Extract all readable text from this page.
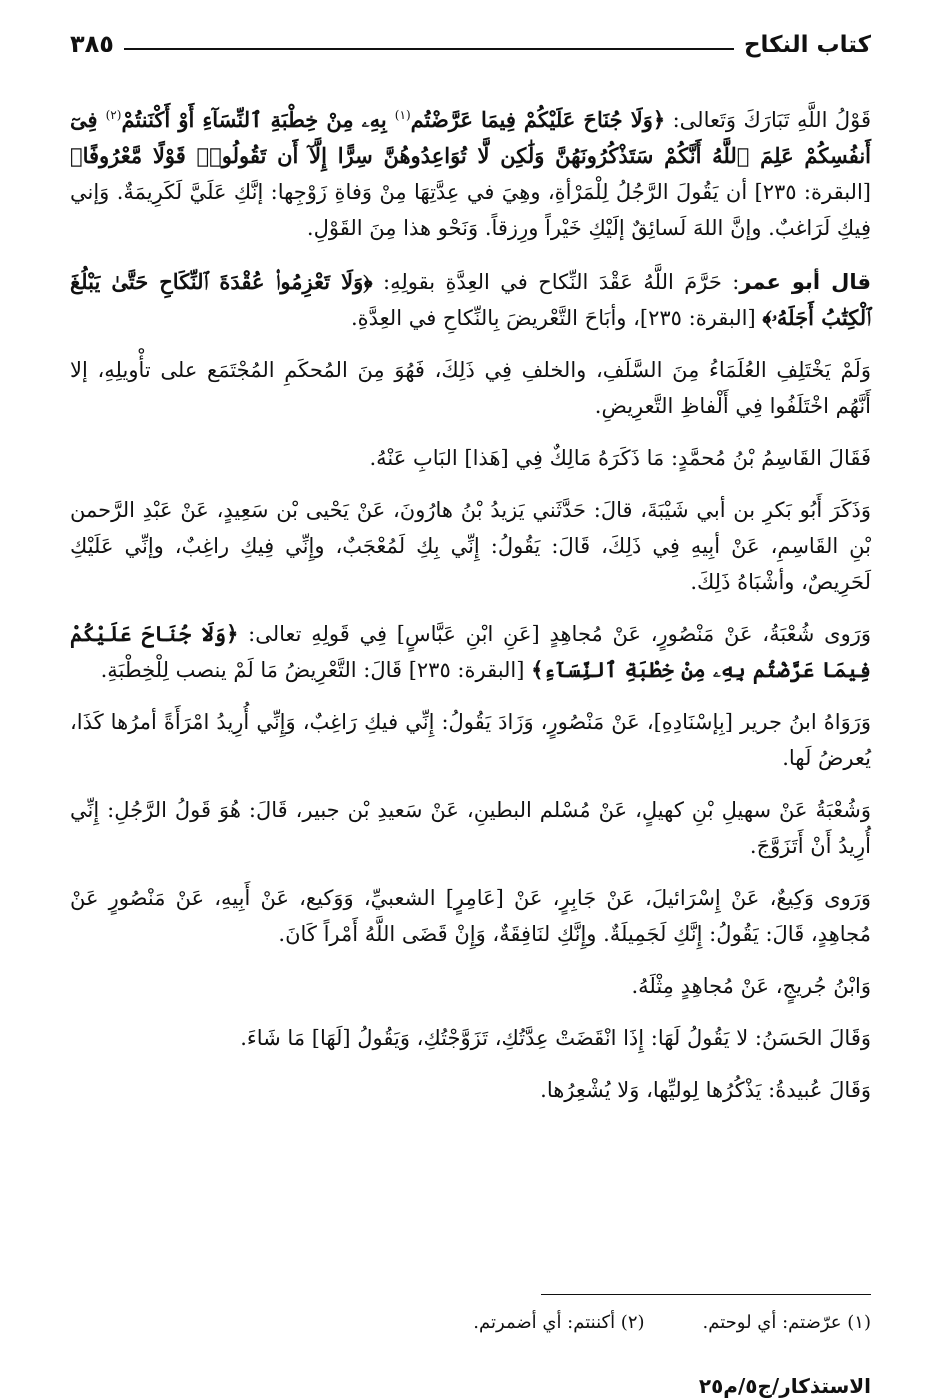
كتاب النكاح
٣٨٥

قَوْلُ اللَّهِ تَبَارَكَ وَتَعالى: ﴿وَلَا جُنَاحَ عَلَيْكُمْ فِيمَا عَرَّضْتُم$^{(١)}$ بِهِۦ مِنْ خِطْبَةِ ٱلنِّسَآءِ أَوْ أَكْنَنتُمْ$^{(٢)}$ فِىٓ أَنفُسِكُمْ عَلِمَ ٱللَّهُ أَنَّكُمْ سَتَذْكُرُونَهُنَّ وَلَٰكِن لَّا تُوَاعِدُوهُنَّ سِرًّا إِلَّآ أَن تَقُولُوا۟ قَوْلًا مَّعْرُوفًا﴾ [البقرة: ٢٣٥] أن يَقُولَ الرَّجُلُ لِلْمَرْأةِ، وهِيَ في عِدَّتِهَا مِنْ وَفاةِ زَوْجِها: إنَّكِ عَلَيَّ لَكَرِيمَةٌ. وَإني فِيكِ لَرَاغبٌ. وإنَّ اللهَ لَسائِقٌ إلَيْكِ خَيْراً ورِزقاً. وَنَحْو هذا مِنَ القَوْلِ.

قال أبو عمر: حَرَّمَ اللَّهُ عَقْدَ النِّكاح في العِدَّةِ بقولِهِ: ﴿وَلَا تَعْزِمُوا۟ عُقْدَةَ ٱلنِّكَاحِ حَتَّىٰ يَبْلُغَ ٱلْكِتَٰبُ أَجَلَهُۥ﴾ [البقرة: ٢٣٥]، وأبَاحَ التَّعْريضَ بِالنِّكاحِ في العِدَّةِ.

وَلَمْ يَخْتَلِفِ العُلَمَاءُ مِنَ السَّلَفِ، والخلفِ فِي ذَلِكَ، فَهُوَ مِنَ المُحكَمِ المُجْتَمَع على تأْويلِهِ، إلا أَنَّهُم اخْتَلَفُوا فِي أَلْفاظِ التَّعرِيضِ.

فَقَالَ القَاسِمُ بْنُ مُحمَّدٍ: مَا ذَكَرَهُ مَالِكٌ فِي [هَذا] البَابِ عَنْهُ.

وَذَكَرَ أَبُو بَكرِ بن أبي شَيْبَةَ، قالَ: حَدَّثَني يَزيدُ بْنُ هارُونَ، عَنْ يَحْيى بْن سَعِيدٍ، عَنْ عَبْدِ الرَّحمن بْنِ القَاسِمِ، عَنْ أبِيهِ فِي ذَلِكَ، قَالَ: يَقُولُ: إِنِّي بِكِ لَمُعْجَبٌ، وإِنِّي فِيكِ راغِبٌ، وإنِّي عَلَيْكِ لَحَرِيصٌ، وأشْبَاهُ ذَلِكَ.

وَرَوى شُعْبَةُ، عَنْ مَنْصُورٍ، عَنْ مُجاهِدٍ [عَنِ ابْنِ عَبَّاسٍ] فِي قَولِهِ تعالى: ﴿وَلَا جُنَاحَ عَلَيْكُمْ فِيمَا عَرَّضْتُم بِهِۦ مِنْ خِطْبَةِ ٱلنِّسَآءِ﴾ [البقرة: ٢٣٥] قَالَ: التَّعْرِيضُ مَا لَمْ ينصب لِلْخِطْبَةِ.

وَرَوَاهُ ابنُ جرير [بِإسْنَادِهِ]، عَنْ مَنْصُورٍ، وَزَادَ يَقُولُ: إِنِّي فيكِ رَاغِبٌ، وَإِنِّي أُرِيدُ امْرَأَةً أمرُها كَذَا، يُعرضُ لَها.

وَشُعْبَةُ عَنْ سهيلِ بْنِ كهيلٍ، عَنْ مُسْلم البطينِ، عَنْ سَعيدِ بْن جبير، قَالَ: هُوَ قَولُ الرَّجُلِ: إِنِّي أُرِيدُ أَنْ أَتَزَوَّجَ.

وَرَوى وَكِيعٌ، عَنْ إِسْرَائيلَ، عَنْ جَابِرٍ، عَنْ [عَامِرٍ] الشعبيِّ، وَوَكيع، عَنْ أَبِيهِ، عَنْ مَنْصُورٍ عَنْ مُجاهِدٍ، قَالَ: يَقُولُ: إِنَّكِ لَجَمِيلَةٌ. وإِنَّكِ لنَافِقَةٌ، وَإِنْ قَضَى اللَّهُ أَمْراً كَانَ.

وَابْنُ جُريجٍ، عَنْ مُجاهِدٍ مِثْلَهُ.

وَقَالَ الحَسَنُ: لا يَقُولُ لَهَا: إِذَا انْقَضَتْ عِدَّتُكِ، تَزَوَّجْتُكِ، وَيَقُولُ [لَهَا] مَا شَاءَ.

وَقَالَ عُبيدةُ: يَذْكُرُها لِوليِّها، وَلا يُشْعِرُها.

(١) عرّضتم: أي لوحتم.
(٢) أكننتم: أي أضمرتم.
الاستذكار/ج٥/م٢٥
